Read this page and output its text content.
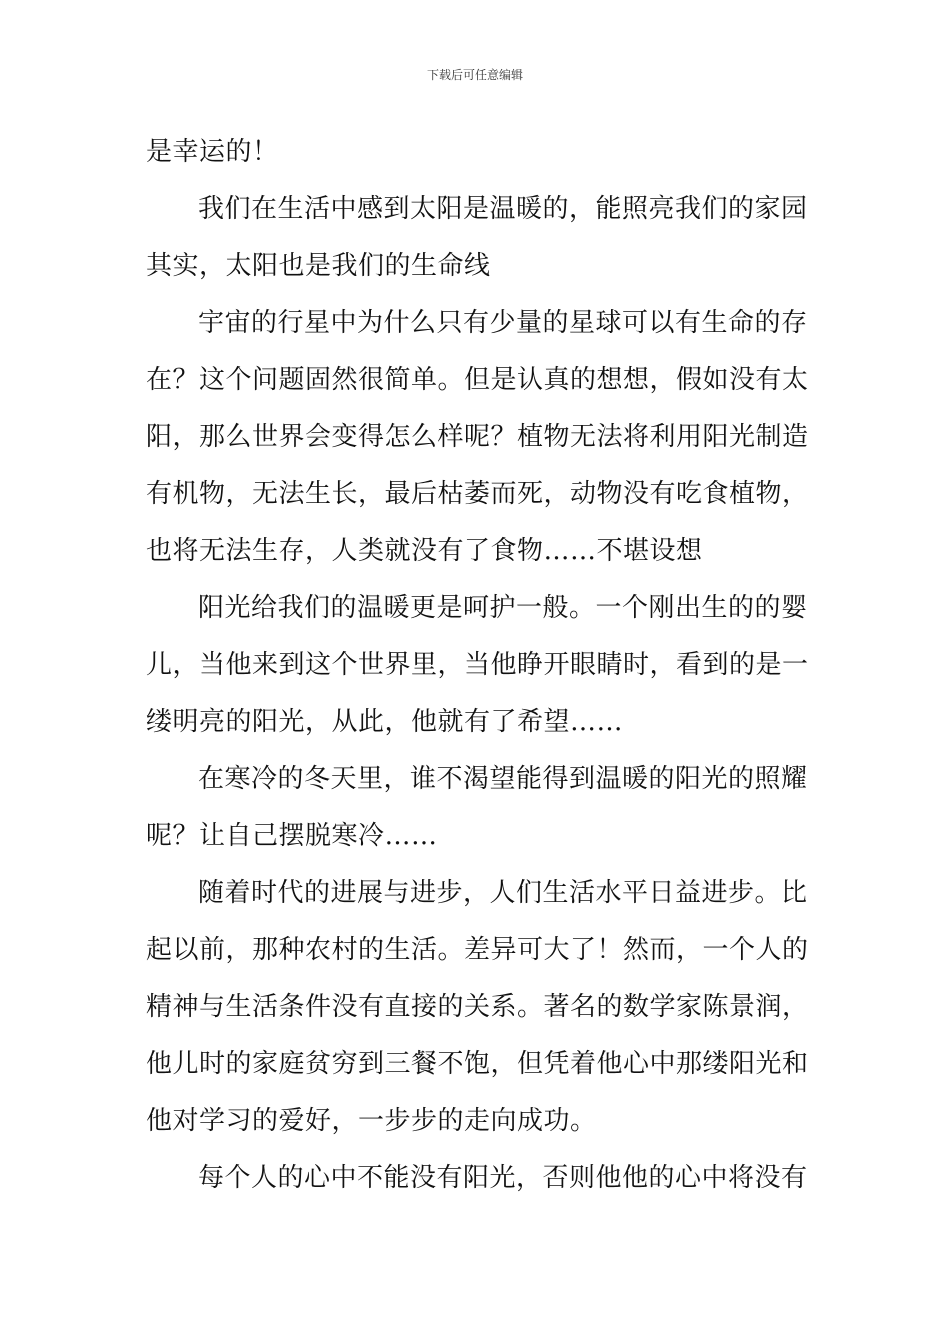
下载后可任意编辑
是幸运的！
我们在生活中感到太阳是温暖的，能照亮我们的家园
其实，太阳也是我们的生命线
宇宙的行星中为什么只有少量的星球可以有生命的存
在？这个问题固然很简单。但是认真的想想，假如没有太
阳，那么世界会变得怎么样呢？植物无法将利用阳光制造
有机物，无法生长，最后枯萎而死，动物没有吃食植物，
也将无法生存，人类就没有了食物……不堪设想
阳光给我们的温暖更是呵护一般。一个刚出生的的婴
儿，当他来到这个世界里，当他睁开眼睛时，看到的是一
缕明亮的阳光，从此，他就有了希望……
在寒冷的冬天里，谁不渴望能得到温暖的阳光的照耀
呢？让自己摆脱寒冷……
随着时代的进展与进步，人们生活水平日益进步。比
起以前，那种农村的生活。差异可大了！然而，一个人的
精神与生活条件没有直接的关系。著名的数学家陈景润，
他儿时的家庭贫穷到三餐不饱，但凭着他心中那缕阳光和
他对学习的爱好，一步步的走向成功。
每个人的心中不能没有阳光，否则他他的心中将没有
